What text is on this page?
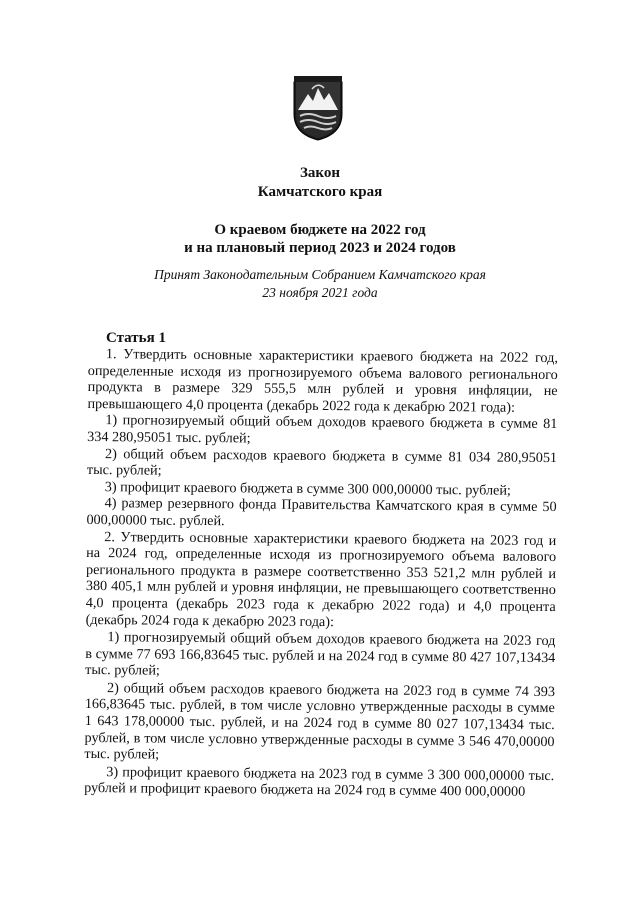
Закон
Камчатского края
О краевом бюджете на 2022 год
и на плановый период 2023 и 2024 годов
Принят Законодательным Собранием Камчатского края
23 ноября 2021 года
Статья 1

1. Утвердить основные характеристики краевого бюджета на 2022 год, определенные исходя из прогнозируемого объема валового регионального продукта в размере 329 555,5 млн рублей и уровня инфляции, не превышающего 4,0 процента (декабрь 2022 года к декабрю 2021 года):

1) прогнозируемый общий объем доходов краевого бюджета в сумме 81 334 280,95051 тыс. рублей;

2) общий объем расходов краевого бюджета в сумме 81 034 280,95051 тыс. рублей;

3) профицит краевого бюджета в сумме 300 000,00000 тыс. рублей;

4) размер резервного фонда Правительства Камчатского края в сумме 50 000,00000 тыс. рублей.

2. Утвердить основные характеристики краевого бюджета на 2023 год и на 2024 год, определенные исходя из прогнозируемого объема валового регионального продукта в размере соответственно 353 521,2 млн рублей и 380 405,1 млн рублей и уровня инфляции, не превышающего соответственно 4,0 процента (декабрь 2023 года к декабрю 2022 года) и 4,0 процента (декабрь 2024 года к декабрю 2023 года):

1) прогнозируемый общий объем доходов краевого бюджета на 2023 год в сумме 77 693 166,83645 тыс. рублей и на 2024 год в сумме 80 427 107,13434 тыс. рублей;

2) общий объем расходов краевого бюджета на 2023 год в сумме 74 393 166,83645 тыс. рублей, в том числе условно утвержденные расходы в сумме 1 643 178,00000 тыс. рублей, и на 2024 год в сумме 80 027 107,13434 тыс. рублей, в том числе условно утвержденные расходы в сумме 3 546 470,00000 тыс. рублей;

3) профицит краевого бюджета на 2023 год в сумме 3 300 000,00000 тыс. рублей и профицит краевого бюджета на 2024 год в сумме 400 000,00000
